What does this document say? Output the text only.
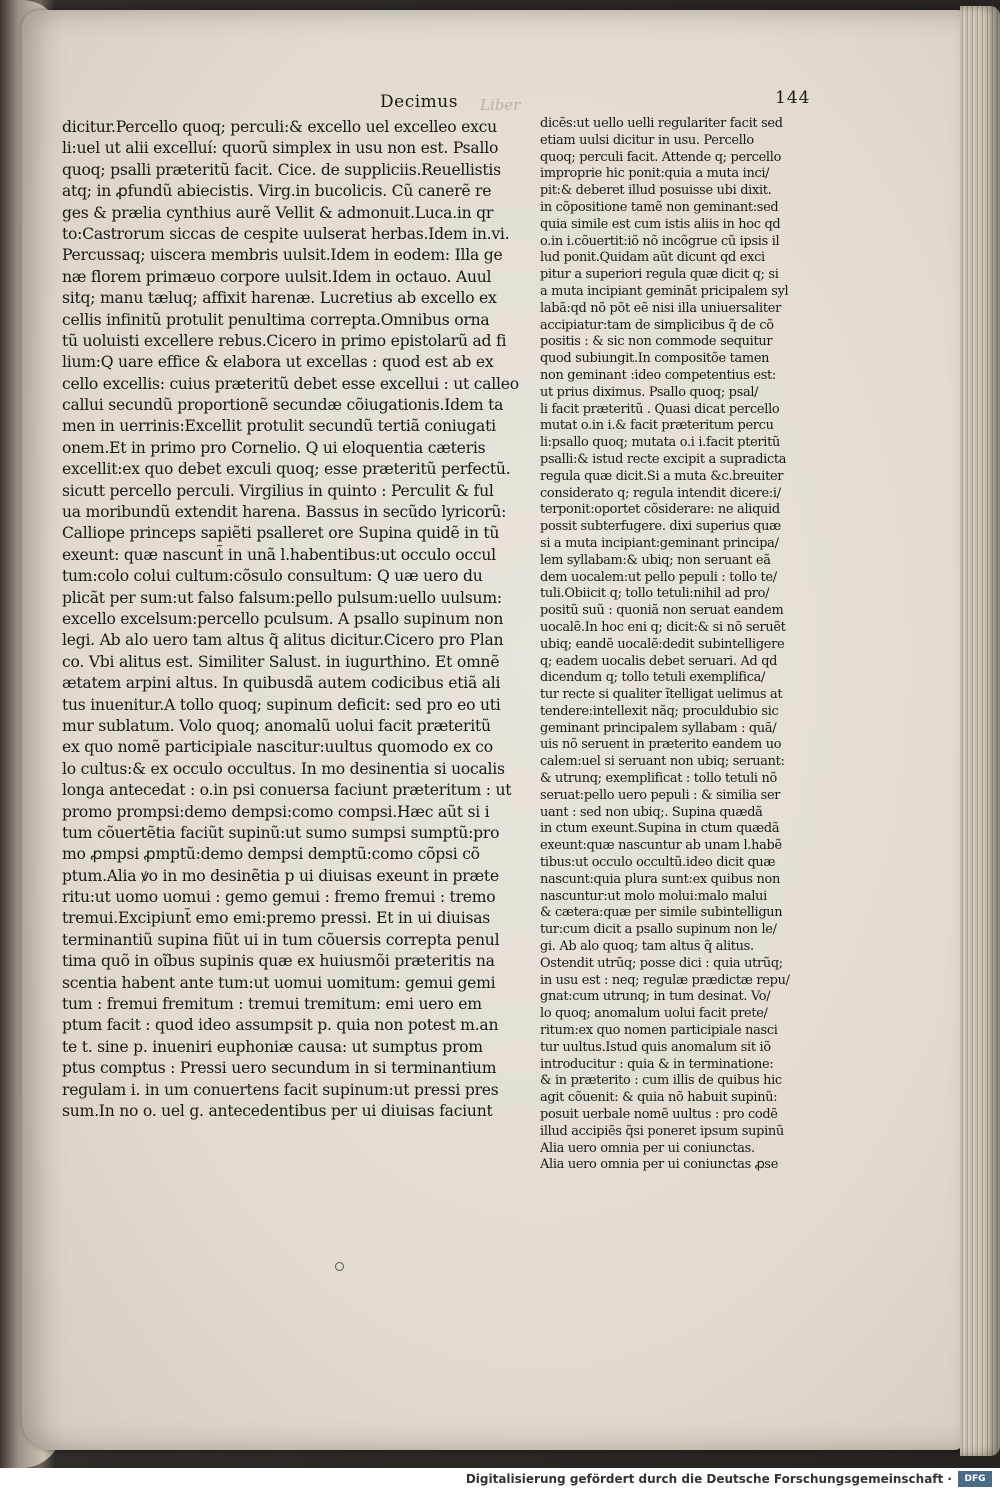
Decimus Liber	144
dicitur.Percello quoq; perculi:& excello uel excelleo excu
li:uel ut alii excelluí: quorũ simplex in usu non est. Psallo
quoq; psalli præteritũ facit. Cice. de suppliciis.Reuellistis
atq; in ꝓfundũ abiecistis. Virg.in bucolicis. Cũ canerẽ re
ges & prælia cynthius aurẽ Vellit & admonuit.Luca.in qr
to:Castrorum siccas de cespite uulserat herbas.Idem in.vi.
Percussaq; uiscera membris uulsit.Idem in eodem: Illa ge
næ florem primæuo corpore uulsit.Idem in octauo. Auul
sitq; manu tæluq; affixit harenæ. Lucretius ab excello ex
cellis infinitũ protulit penultima correpta.Omnibus orna
tũ uoluisti excellere rebus.Cicero in primo epistolarũ ad fi
lium:Q uare effice & elabora ut excellas : quod est ab ex
cello excellis: cuius præteritũ debet esse excellui : ut calleo
callui secundũ proportionẽ secundæ cõiugationis.Idem ta
men in uerrinis:Excellit protulit secundũ tertiã coniugati
onem.Et in primo pro Cornelio. Q ui eloquentia cæteris
excellit:ex quo debet exculi quoq; esse præteritũ perfectũ.
sicutt percello perculi. Virgilius in quinto : Perculit & ful
ua moribundũ extendit harena. Bassus in secũdo lyricorũ:
Calliope princeps sapiẽti psalleret ore Supina quidẽ in tũ
exeunt: quæ nascunt̃ in unã l.habentibus:ut occulo occul
tum:colo colui cultum:cõsulo consultum: Q uæ uero du
plicãt per sum:ut falso falsum:pello pulsum:uello uulsum:
excello excelsum:percello pculsum. A psallo supinum non
legi. Ab alo uero tam altus q̃ alitus dicitur.Cicero pro Plan
co. Vbi alitus est. Similiter Salust. in iugurthino. Et omnẽ
ætatem arpini altus. In quibusdã autem codicibus etiã ali
tus inuenitur.A tollo quoq; supinum deficit: sed pro eo uti
mur sublatum. Volo quoq; anomalũ uolui facit præteritũ
ex quo nomẽ participiale nascitur:uultus quomodo ex co
lo cultus:& ex occulo occultus. In mo desinentia si uocalis
longa antecedat : o.in psi conuersa faciunt præteritum : ut
promo prompsi:demo dempsi:como compsi.Hæc aũt si i
tum cõuertẽtia faciũt supinũ:ut sumo sumpsi sumptũ:pro
mo ꝓmpsi ꝓmptũ:demo dempsi demptũ:como cõpsi cõ
ptum.Alia ꝟo in mo desinẽtia p ui diuisas exeunt in præte
ritu:ut uomo uomui : gemo gemui : fremo fremui : tremo
tremui.Excipiunt̃ emo emi:premo pressi. Et in ui diuisas
terminantiũ supina fiũt ui in tum cõuersis correpta penul
tima quõ in oĩbus supinis quæ ex huiusmõi præteritis na
scentia habent ante tum:ut uomui uomitum: gemui gemi
tum : fremui fremitum : tremui tremitum: emi uero em
ptum facit : quod ideo assumpsit p. quia non potest m.an
te t. sine p. inueniri euphoniæ causa: ut sumptus prom
ptus comptus : Pressi uero secundum in si terminantium
regulam i. in um conuertens facit supinum:ut pressi pres
sum.In no o. uel g. antecedentibus per ui diuisas faciunt
dicẽs:ut uello uelli regulariter facit sed
etiam uulsi dicitur in usu. Percello
quoq; perculi facit. Attende q; percello
improprie hic ponit:quia a muta inci/
pit:& deberet illud posuisse ubi dixit.
in cõpositione tamẽ non geminant:sed
quia simile est cum istis aliis in hoc qd
o.in i.cõuertit:iõ nõ incõgrue cũ ipsis il
lud ponit.Quidam aũt dicunt qd exci
pitur a superiori regula quæ dicit q; si
a muta incipiant geminãt pricipalem syl
labã:qd nõ põt eẽ nisi illa uniuersaliter
accipiatur:tam de simplicibus q̃ de cõ
positis : & sic non commode sequitur
quod subiungit.In compositõe tamen
non geminant :ideo competentius est:
ut prius diximus. Psallo quoq; psal/
li facit præteritũ . Quasi dicat percello
mutat o.in i.& facit præteritum percu
li:psallo quoq; mutata o.i i.facit pteritũ
psalli:& istud recte excipit̃ a supradicta
regula quæ dicit.Si a muta &c.breuiter
considerato q; regula intendit dicere:i/
terponit:oportet cõsiderare: ne aliquid
possit subterfugere. dixi superius quæ
si a muta incipiant:geminant principa/
lem syllabam:& ubiq; non seruant eã
dem uocalem:ut pello pepuli : tollo te/
tuli.Obiicit̃ q; tollo tetuli:nihil ad pro/
positũ suũ : quoniã non seruat eandem
uocalẽ.In hoc eni q; dicit:& si nõ seruẽt
ubiq; eandẽ uocalẽ:dedit subintelligere
q; eadem uocalis debet seruari. Ad qd
dicendum q; tollo tetuli exemplifica/
tur recte si qualiter ĩtelligat uelimus at
tendere:intellexit nãq; proculdubio sic
geminant principalem syllabam : quã/
uis nõ seruent in præterito eandem uo
calem:uel si seruant non ubiq; seruant:
& utrunq; exemplificat : tollo tetuli nõ
seruat:pello uero pepuli : & similia ser
uant : sed non ubiq;. Supina quædã
in ctum exeunt.Supina in ctum quædã
exeunt:quæ nascuntur ab unam l.habẽ
tibus:ut occulo occultũ.ideo dicit quæ
nascunt̃:quia plura sunt:ex quibus non
nascuntur:ut molo molui:malo malui
& cætera:quæ per simile subintelligun
tur:cum dicit a psallo supinum non le/
gi. Ab alo quoq; tam altus q̃ alitus.
Ostendit utrũq; posse dici : quia utrũq;
in usu est : neq; regulæ prædictæ repu/
gnat:cum utrunq; in tum desinat. Vo/
lo quoq; anomalum uolui facit prete/
ritum:ex quo nomen participiale nasci
tur uultus.Istud quis anomalum sit iõ
introducitur : quia & in terminatione:
& in præterito : cum illis de quibus hic
agit cõuenit: & quia nõ habuit supinũ:
posuit uerbale nomẽ uultus : pro codẽ
illud accipiẽs q̃si poneret ipsum supinũ
Alia uero omnia per ui coniunctas.
Alia uero omnia per ui coniunctas ꝓse
Digitalisierung gefördert durch die Deutsche Forschungsgemeinschaft ·	DFG
